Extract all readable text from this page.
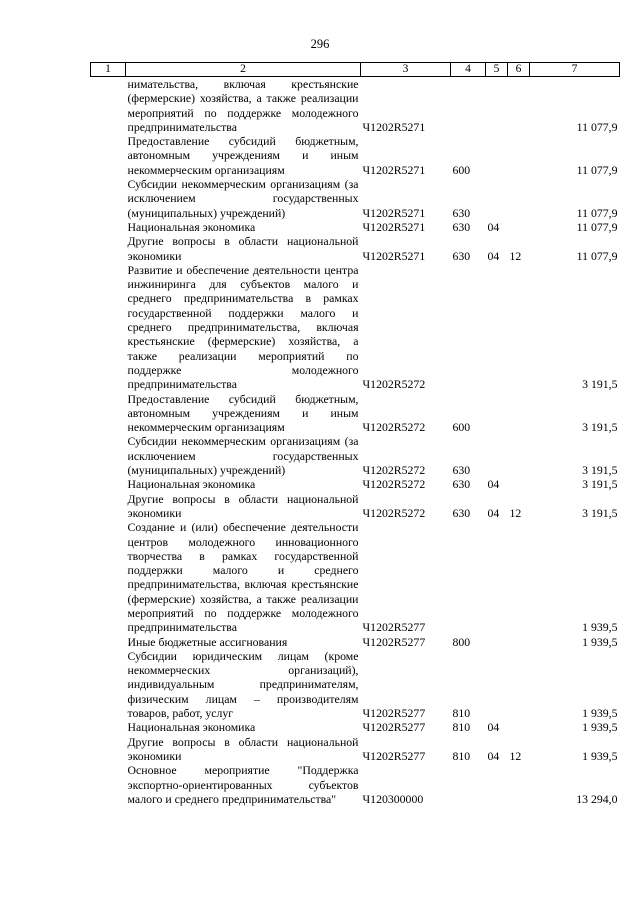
296
1	2	3	4	5	6	7
	нимательства, включая крестьянские (фермерские) хозяйства, а также реализации мероприятий по поддержке молодежного предпринимательства	Ч1202R5271				11 077,9
	Предоставление субсидий бюджетным, автономным учреждениям и иным некоммерческим организациям	Ч1202R5271	600			11 077,9
	Субсидии некоммерческим организациям (за исключением государственных (муниципальных) учреждений)	Ч1202R5271	630			11 077,9
	Национальная экономика	Ч1202R5271	630	04		11 077,9
	Другие вопросы в области национальной экономики	Ч1202R5271	630	04	12	11 077,9
	Развитие и обеспечение деятельности центра инжиниринга для субъектов малого и среднего предпринимательства в рамках государственной поддержки малого и среднего предпринимательства, включая крестьянские (фермерские) хозяйства, а также реализации мероприятий по поддержке молодежного предпринимательства	Ч1202R5272				3 191,5
	Предоставление субсидий бюджетным, автономным учреждениям и иным некоммерческим организациям	Ч1202R5272	600			3 191,5
	Субсидии некоммерческим организациям (за исключением государственных (муниципальных) учреждений)	Ч1202R5272	630			3 191,5
	Национальная экономика	Ч1202R5272	630	04		3 191,5
	Другие вопросы в области национальной экономики	Ч1202R5272	630	04	12	3 191,5
	Создание и (или) обеспечение деятельности центров молодежного инновационного творчества в рамках государственной поддержки малого и среднего предпринимательства, включая крестьянские (фермерские) хозяйства, а также реализации мероприятий по поддержке молодежного предпринимательства	Ч1202R5277				1 939,5
	Иные бюджетные ассигнования	Ч1202R5277	800			1 939,5
	Субсидии юридическим лицам (кроме некоммерческих организаций), индивидуальным предпринимателям, физическим лицам – производителям товаров, работ, услуг	Ч1202R5277	810			1 939,5
	Национальная экономика	Ч1202R5277	810	04		1 939,5
	Другие вопросы в области национальной экономики	Ч1202R5277	810	04	12	1 939,5
	Основное мероприятие "Поддержка экспортно-ориентированных субъектов малого и среднего предпринимательства"	Ч120300000				13 294,0
